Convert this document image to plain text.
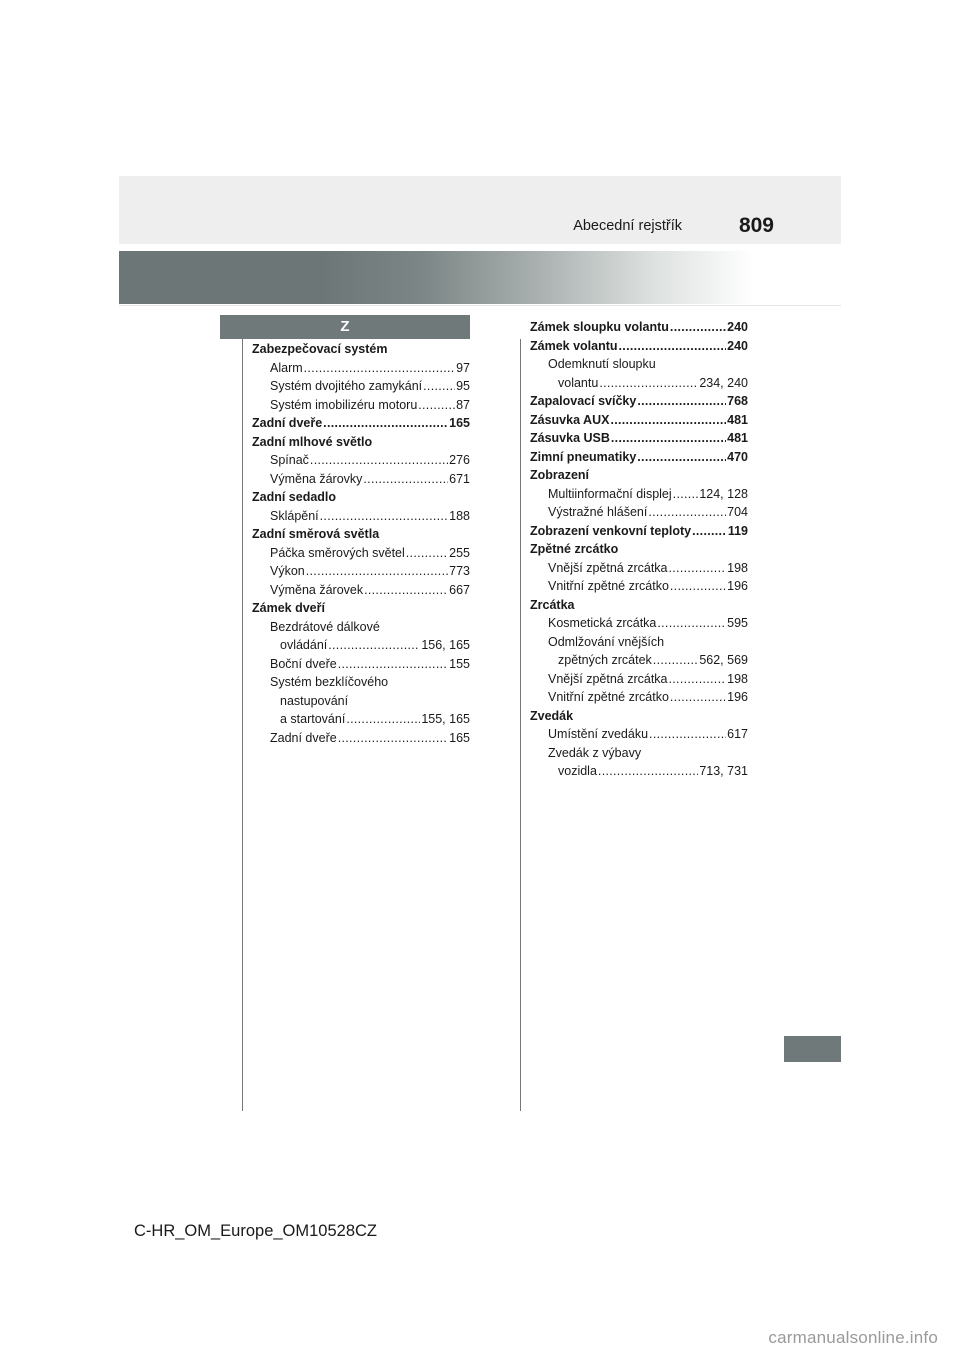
Abecední rejstřík	809
Z
Zabezpečovací systém
Alarm .....	97
Systém dvojitého zamykání .....	95
Systém imobilizéru motoru .....	87
Zadní dveře .....	165
Zadní mlhové světlo
Spínač .....	276
Výměna žárovky .....	671
Zadní sedadlo
Sklápění .....	188
Zadní směrová světla
Páčka směrových světel .....	255
Výkon .....	773
Výměna žárovek .....	667
Zámek dveří
Bezdrátové dálkové
ovládání .....	156, 165
Boční dveře .....	155
Systém bezklíčového
nastupování
a startování .....	155, 165
Zadní dveře .....	165
Zámek sloupku volantu .....	240
Zámek volantu .....	240
Odemknutí sloupku
volantu .....	234, 240
Zapalovací svíčky .....	768
Zásuvka AUX .....	481
Zásuvka USB .....	481
Zimní pneumatiky .....	470
Zobrazení
Multiinformační displej ..... 124, 128
Výstražné hlášení .....	704
Zobrazení venkovní teploty .....	119
Zpětné zrcátko
Vnější zpětná zrcátka .....	198
Vnitřní zpětné zrcátko .....	196
Zrcátka
Kosmetická zrcátka .....	595
Odmlžování vnějších
zpětných zrcátek .....	562, 569
Vnější zpětná zrcátka .....	198
Vnitřní zpětné zrcátko .....	196
Zvedák
Umístění zvedáku .....	617
Zvedák z výbavy
vozidla .....	713, 731
C-HR_OM_Europe_OM10528CZ
carmanualsonline.info
